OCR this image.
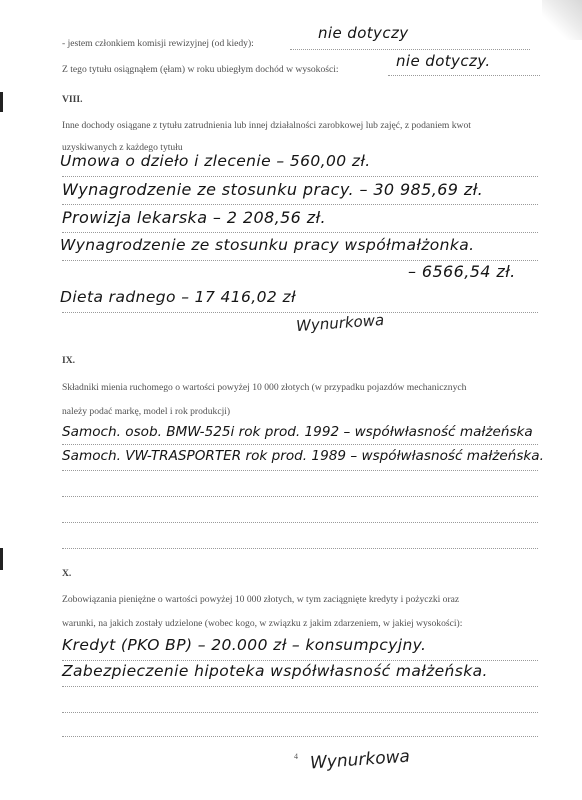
- jestem członkiem komisji rewizyjnej (od kiedy):
nie dotyczy
Z tego tytułu osiągnąłem (ęłam) w roku ubiegłym dochód w wysokości:	nie dotyczy.
VIII.
Inne dochody osiągane z tytułu zatrudnienia lub innej działalności zarobkowej lub zajęć, z podaniem kwot
uzyskiwanych z każdego tytułu
Umowa o dzieło i zlecenie – 560,00 zł.
Wynagrodzenie ze stosunku pracy. – 30 985,69 zł.
Prowizja lekarska – 2 208,56 zł.
Wynagrodzenie ze stosunku pracy współmałżonka.
– 6566,54 zł.
Dieta radnego – 17 416,02 zł
Wynurkowa
IX.
Składniki mienia ruchomego o wartości powyżej 10 000 złotych (w przypadku pojazdów mechanicznych
należy podać markę, model i rok produkcji)
Samoch. osob. BMW-525i rok prod. 1992 – współwłasność małżeńska
Samoch. VW-TRASPORTER rok prod. 1989 – współwłasność małżeńska.
X.
Zobowiązania pieniężne o wartości powyżej 10 000 złotych, w tym zaciągnięte kredyty i pożyczki oraz
warunki, na jakich zostały udzielone (wobec kogo, w związku z jakim zdarzeniem, w jakiej wysokości):
Kredyt (PKO BP) – 20.000 zł – konsumpcyjny.
Zabezpieczenie hipoteka współwłasność małżeńska.
4 Wynurkowa
